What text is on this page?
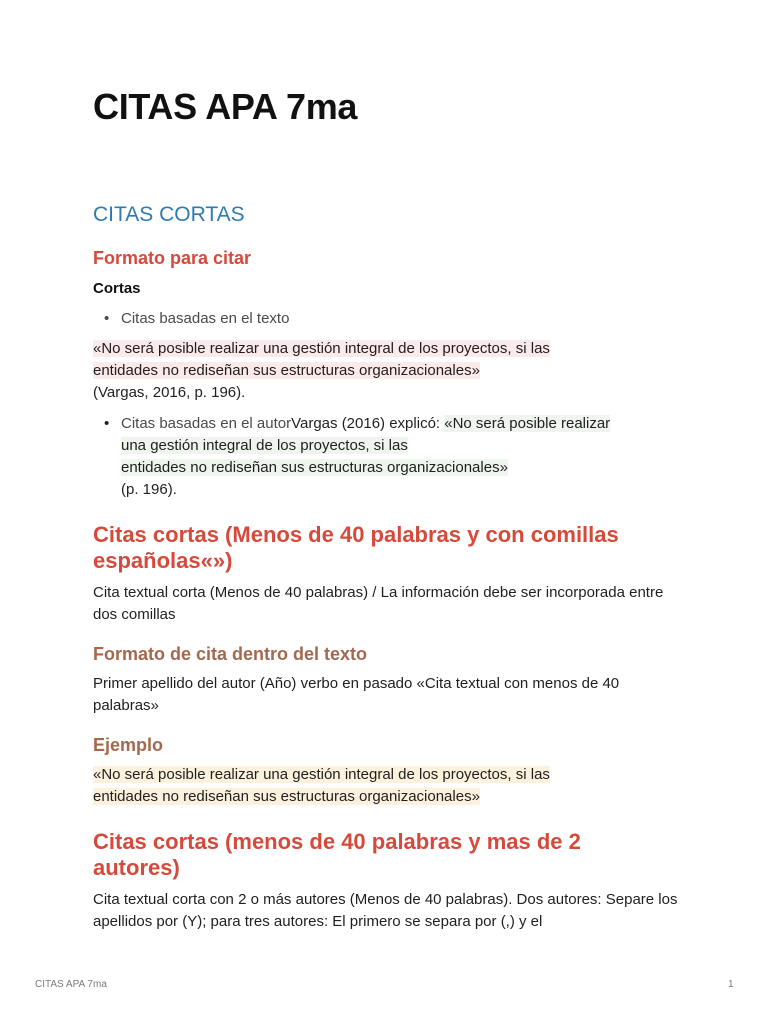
CITAS APA 7ma
CITAS CORTAS
Formato para citar
Cortas
• Citas basadas en el texto
«No será posible realizar una gestión integral de los proyectos, si las
entidades no rediseñan sus estructuras organizacionales»
(Vargas, 2016, p. 196).
• Citas basadas en el autorVargas (2016) explicó: «No será posible realizar
una gestión integral de los proyectos, si las
entidades no rediseñan sus estructuras organizacionales»
(p. 196).
Citas cortas (Menos de 40 palabras y con comillas españolas«»)

Cita textual corta (Menos de 40 palabras) / La información debe ser incorporada entre dos comillas

Formato de cita dentro del texto

Primer apellido del autor (Año) verbo en pasado «Cita textual con menos de 40 palabras»

Ejemplo
«No será posible realizar una gestión integral de los proyectos, si las
entidades no rediseñan sus estructuras organizacionales»
Citas cortas (menos de 40 palabras y mas de 2 autores)

Cita textual corta con 2 o más autores (Menos de 40 palabras). Dos autores: Separe los apellidos por (Y); para tres autores: El primero se separa por (,) y el

CITAS APA 7ma	1
